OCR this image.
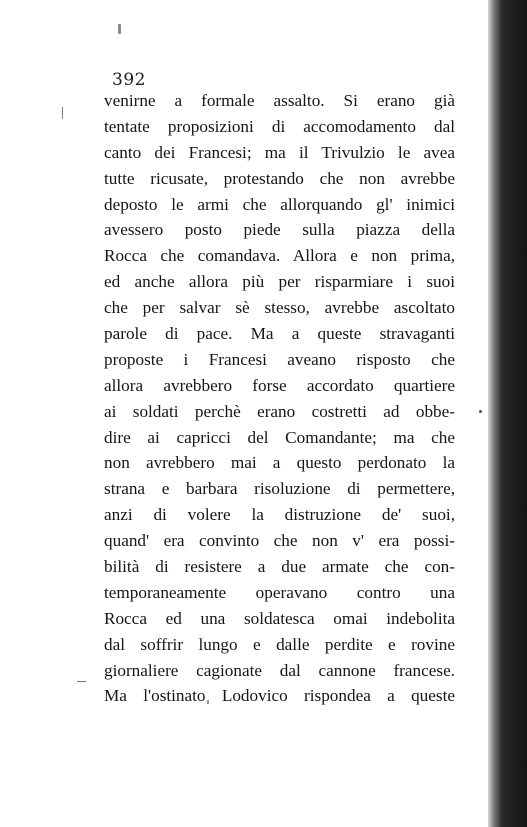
392
venirne a formale assalto. Si erano già
tentate proposizioni di accomodamento dal
canto dei Francesi; ma il Trivulzio le avea
tutte ricusate, protestando che non avrebbe
deposto le armi che allorquando gl' inimici
avessero posto piede sulla piazza della
Rocca che comandava. Allora e non prima,
ed anche allora più per risparmiare i suoi
che per salvar sè stesso, avrebbe ascoltato
parole di pace. Ma a queste stravaganti
proposte i Francesi aveano risposto che
allora avrebbero forse accordato quartiere
ai soldati perchè erano costretti ad obbe-
dire ai capricci del Comandante; ma che
non avrebbero mai a questo perdonato la
strana e barbara risoluzione di permettere,
anzi di volere la distruzione de' suoi,
quand' era convinto che non v' era possi-
bilità di resistere a due armate che con-
temporaneamente operavano contro una
Rocca ed una soldatesca omai indebolita
dal soffrir lungo e dalle perdite e rovine
giornaliere cagionate dal cannone francese.
Ma l'ostinato Lodovico rispondea a queste
